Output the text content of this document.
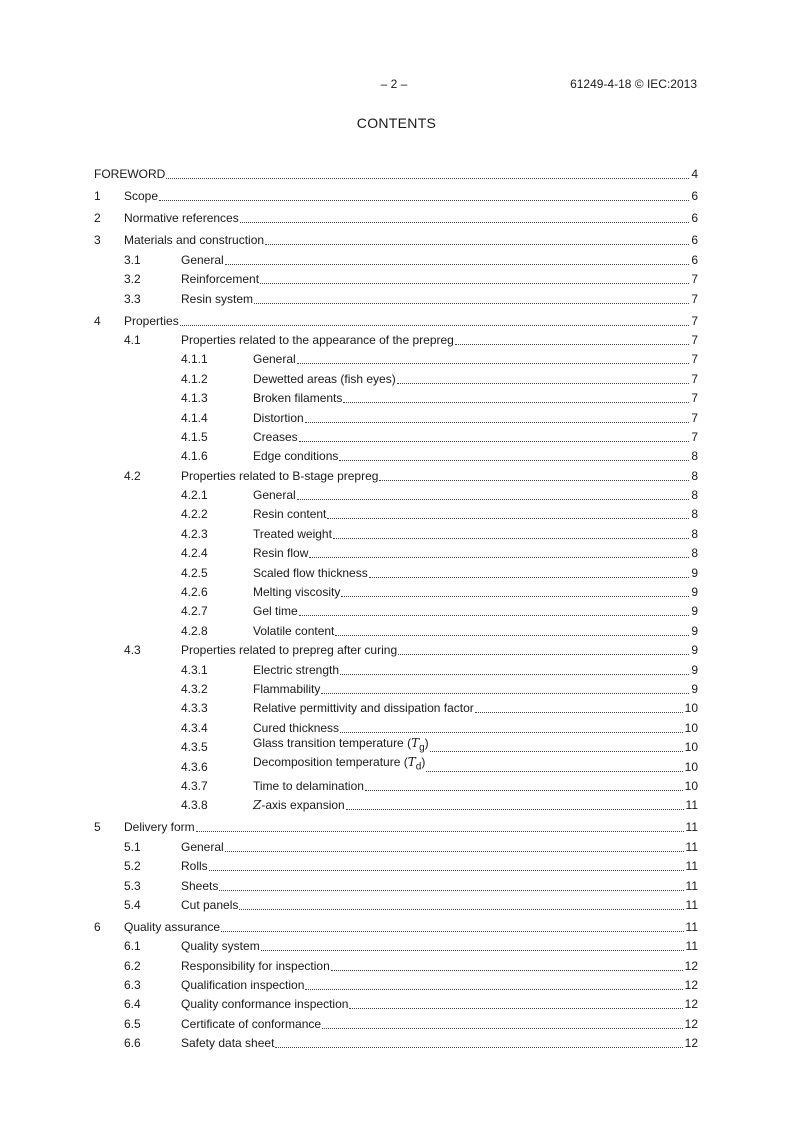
– 2 –	61249-4-18 © IEC:2013
CONTENTS
FOREWORD	4
1 Scope	6
2 Normative references	6
3 Materials and construction	6
3.1	General	6
3.2	Reinforcement	7
3.3	Resin system	7
4 Properties	7
4.1	Properties related to the appearance of the prepreg	7
4.1.1	General	7
4.1.2	Dewetted areas (fish eyes)	7
4.1.3	Broken filaments	7
4.1.4	Distortion	7
4.1.5	Creases	7
4.1.6	Edge conditions	8
4.2	Properties related to B-stage prepreg	8
4.2.1	General	8
4.2.2	Resin content	8
4.2.3	Treated weight	8
4.2.4	Resin flow	8
4.2.5	Scaled flow thickness	9
4.2.6	Melting viscosity	9
4.2.7	Gel time	9
4.2.8	Volatile content	9
4.3	Properties related to prepreg after curing	9
4.3.1	Electric strength	9
4.3.2	Flammability	9
4.3.3	Relative permittivity and dissipation factor	10
4.3.4	Cured thickness	10
4.3.5	Glass transition temperature $(T_g)$	10
4.3.6	Decomposition temperature $(T_d)$	10
4.3.7	Time to delamination	10
4.3.8	Z-axis expansion	11
5 Delivery form	11
5.1	General	11
5.2	Rolls	11
5.3	Sheets	11
5.4	Cut panels	11
6 Quality assurance	11
6.1	Quality system	11
6.2	Responsibility for inspection	12
6.3	Qualification inspection	12
6.4	Quality conformance inspection	12
6.5	Certificate of conformance	12
6.6	Safety data sheet	12
